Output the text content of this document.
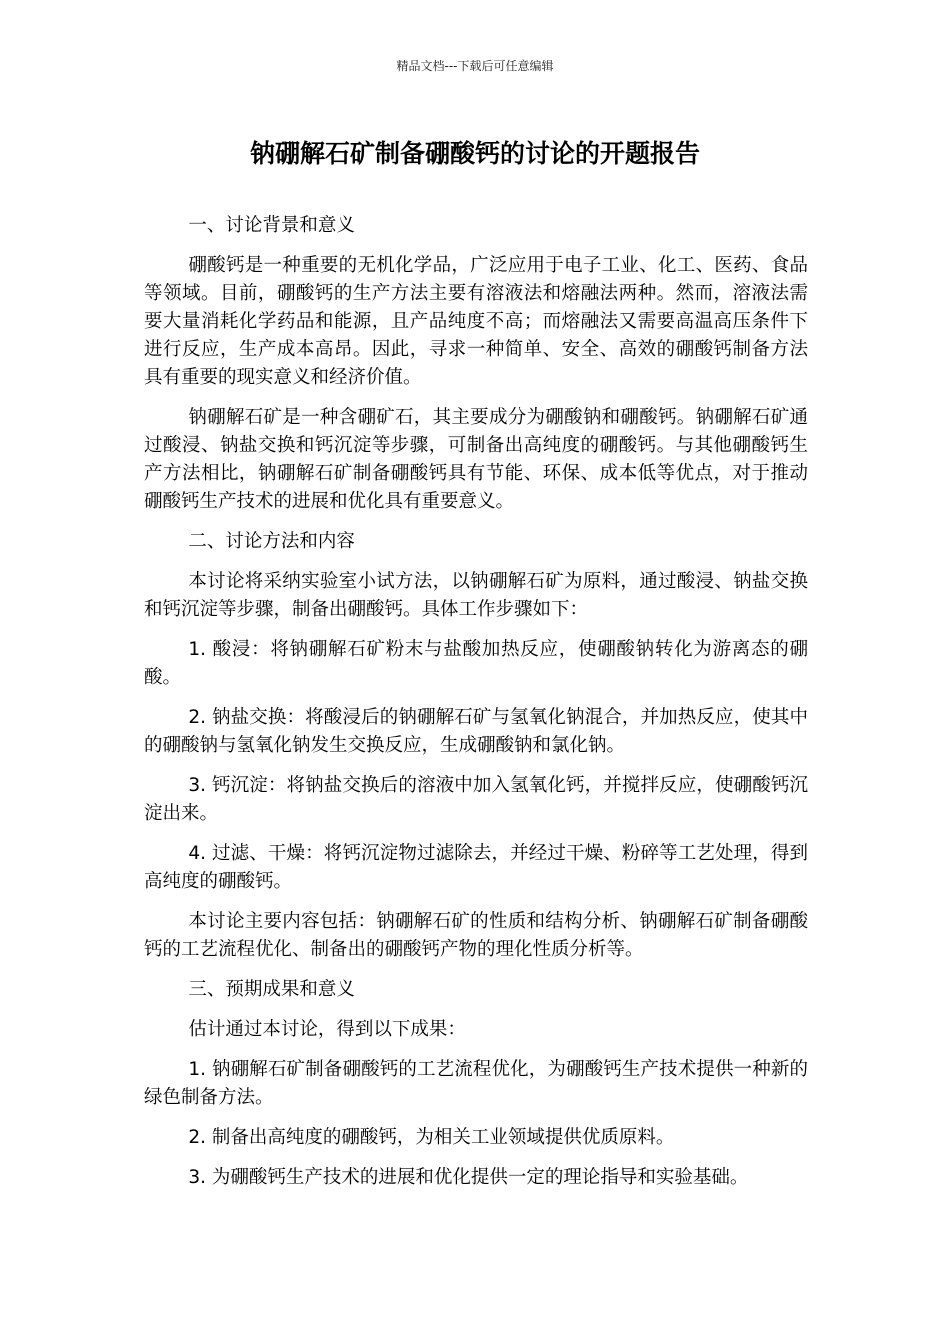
精品文档---下载后可任意编辑
钠硼解石矿制备硼酸钙的讨论的开题报告

一、讨论背景和意义

硼酸钙是一种重要的无机化学品，广泛应用于电子工业、化工、医药、食品等领域。目前，硼酸钙的生产方法主要有溶液法和熔融法两种。然而，溶液法需要大量消耗化学药品和能源，且产品纯度不高；而熔融法又需要高温高压条件下进行反应，生产成本高昂。因此，寻求一种简单、安全、高效的硼酸钙制备方法具有重要的现实意义和经济价值。

钠硼解石矿是一种含硼矿石，其主要成分为硼酸钠和硼酸钙。钠硼解石矿通过酸浸、钠盐交换和钙沉淀等步骤，可制备出高纯度的硼酸钙。与其他硼酸钙生产方法相比，钠硼解石矿制备硼酸钙具有节能、环保、成本低等优点，对于推动硼酸钙生产技术的进展和优化具有重要意义。

二、讨论方法和内容

本讨论将采纳实验室小试方法，以钠硼解石矿为原料，通过酸浸、钠盐交换和钙沉淀等步骤，制备出硼酸钙。具体工作步骤如下：

1. 酸浸：将钠硼解石矿粉末与盐酸加热反应，使硼酸钠转化为游离态的硼酸。

2. 钠盐交换：将酸浸后的钠硼解石矿与氢氧化钠混合，并加热反应，使其中的硼酸钠与氢氧化钠发生交换反应，生成硼酸钠和氯化钠。

3. 钙沉淀：将钠盐交换后的溶液中加入氢氧化钙，并搅拌反应，使硼酸钙沉淀出来。

4. 过滤、干燥：将钙沉淀物过滤除去，并经过干燥、粉碎等工艺处理，得到高纯度的硼酸钙。

本讨论主要内容包括：钠硼解石矿的性质和结构分析、钠硼解石矿制备硼酸钙的工艺流程优化、制备出的硼酸钙产物的理化性质分析等。

三、预期成果和意义

估计通过本讨论，得到以下成果：

1. 钠硼解石矿制备硼酸钙的工艺流程优化，为硼酸钙生产技术提供一种新的绿色制备方法。

2. 制备出高纯度的硼酸钙，为相关工业领域提供优质原料。

3. 为硼酸钙生产技术的进展和优化提供一定的理论指导和实验基础。
